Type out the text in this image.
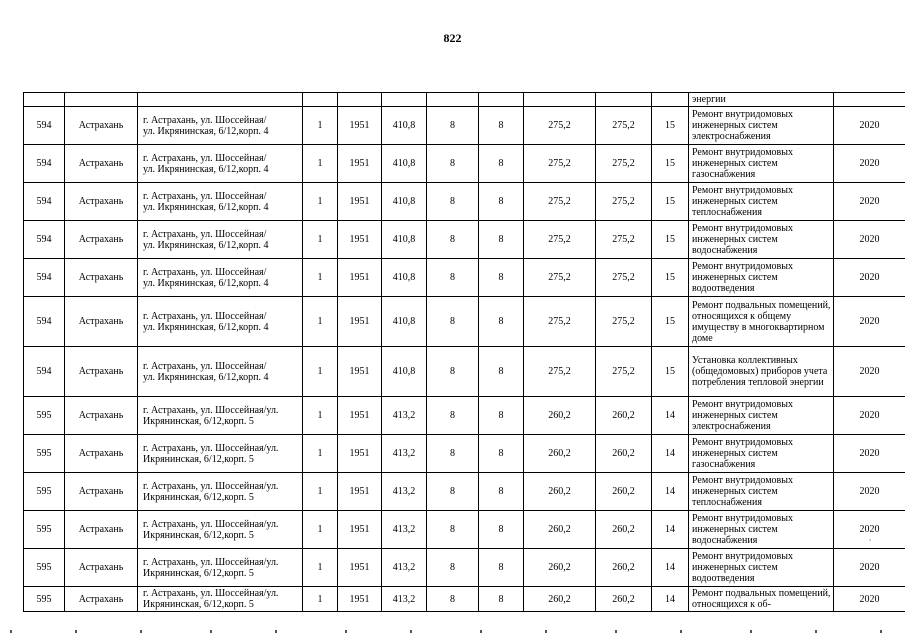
822
											энергии	
594	Астрахань	г. Астрахань, ул. Шоссейная/
ул. Икрянинская, 6/12,корп. 4	1	1951	410,8	8	8	275,2	275,2	15	Ремонт внутридомовых инженерных систем электроснабжения	2020
594	Астрахань	г. Астрахань, ул. Шоссейная/
ул. Икрянинская, 6/12,корп. 4	1	1951	410,8	8	8	275,2	275,2	15	Ремонт внутридомовых инженерных систем газоснабжения	2020
594	Астрахань	г. Астрахань, ул. Шоссейная/
ул. Икрянинская, 6/12,корп. 4	1	1951	410,8	8	8	275,2	275,2	15	Ремонт внутридомовых инженерных систем теплоснабжения	2020
594	Астрахань	г. Астрахань, ул. Шоссейная/
ул. Икрянинская, 6/12,корп. 4	1	1951	410,8	8	8	275,2	275,2	15	Ремонт внутридомовых инженерных систем водоснабжения	2020
594	Астрахань	г. Астрахань, ул. Шоссейная/
ул. Икрянинская, 6/12,корп. 4	1	1951	410,8	8	8	275,2	275,2	15	Ремонт внутридомовых инженерных систем водоотведения	2020
594	Астрахань	г. Астрахань, ул. Шоссейная/
ул. Икрянинская, 6/12,корп. 4	1	1951	410,8	8	8	275,2	275,2	15	Ремонт подвальных помещений, относящихся к общему имуществу в многоквартирном доме	2020
594	Астрахань	г. Астрахань, ул. Шоссейная/
ул. Икрянинская, 6/12,корп. 4	1	1951	410,8	8	8	275,2	275,2	15	Установка коллективных (общедомовых) приборов учета потребления тепловой энергии	2020
595	Астрахань	г. Астрахань, ул. Шоссейная/ул.
Икрянинская, 6/12,корп. 5	1	1951	413,2	8	8	260,2	260,2	14	Ремонт внутридомовых инженерных систем электроснабжения	2020
595	Астрахань	г. Астрахань, ул. Шоссейная/ул.
Икрянинская, 6/12,корп. 5	1	1951	413,2	8	8	260,2	260,2	14	Ремонт внутридомовых инженерных систем газоснабжения	2020
595	Астрахань	г. Астрахань, ул. Шоссейная/ул.
Икрянинская, 6/12,корп. 5	1	1951	413,2	8	8	260,2	260,2	14	Ремонт внутридомовых инженерных систем теплоснабжения	2020
595	Астрахань	г. Астрахань, ул. Шоссейная/ул.
Икрянинская, 6/12,корп. 5	1	1951	413,2	8	8	260,2	260,2	14	Ремонт внутридомовых инженерных систем водоснабжения	2020
595	Астрахань	г. Астрахань, ул. Шоссейная/ул.
Икрянинская, 6/12,корп. 5	1	1951	413,2	8	8	260,2	260,2	14	Ремонт внутридомовых инженерных систем водоотведения	2020
595	Астрахань	г. Астрахань, ул. Шоссейная/ул.
Икрянинская, 6/12,корп. 5	1	1951	413,2	8	8	260,2	260,2	14	Ремонт подвальных помещений, относящихся к об-	2020
₁
